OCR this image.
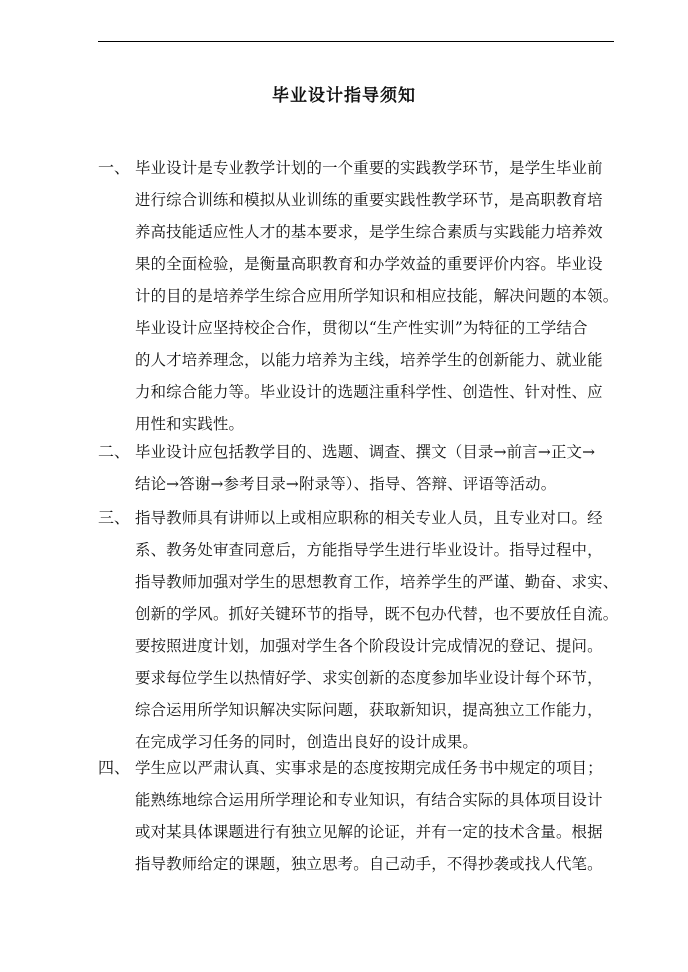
毕业设计指导须知
一、 毕业设计是专业教学计划的一个重要的实践教学环节，是学生毕业前
进行综合训练和模拟从业训练的重要实践性教学环节，是高职教育培
养高技能适应性人才的基本要求，是学生综合素质与实践能力培养效
果的全面检验，是衡量高职教育和办学效益的重要评价内容。毕业设
计的目的是培养学生综合应用所学知识和相应技能，解决问题的本领。
毕业设计应坚持校企合作，贯彻以“生产性实训”为特征的工学结合
的人才培养理念，以能力培养为主线，培养学生的创新能力、就业能
力和综合能力等。毕业设计的选题注重科学性、创造性、针对性、应
用性和实践性。
二、 毕业设计应包括教学目的、选题、调查、撰文（目录→前言→正文→
结论→答谢→参考目录→附录等）、指导、答辩、评语等活动。
三、 指导教师具有讲师以上或相应职称的相关专业人员，且专业对口。经
系、教务处审查同意后，方能指导学生进行毕业设计。指导过程中，
指导教师加强对学生的思想教育工作，培养学生的严谨、勤奋、求实、
创新的学风。抓好关键环节的指导，既不包办代替，也不要放任自流。
要按照进度计划，加强对学生各个阶段设计完成情况的登记、提问。
要求每位学生以热情好学、求实创新的态度参加毕业设计每个环节，
综合运用所学知识解决实际问题，获取新知识，提高独立工作能力，
在完成学习任务的同时，创造出良好的设计成果。
四、 学生应以严肃认真、实事求是的态度按期完成任务书中规定的项目；
能熟练地综合运用所学理论和专业知识，有结合实际的具体项目设计
或对某具体课题进行有独立见解的论证，并有一定的技术含量。根据
指导教师给定的课题，独立思考。自己动手，不得抄袭或找人代笔。
